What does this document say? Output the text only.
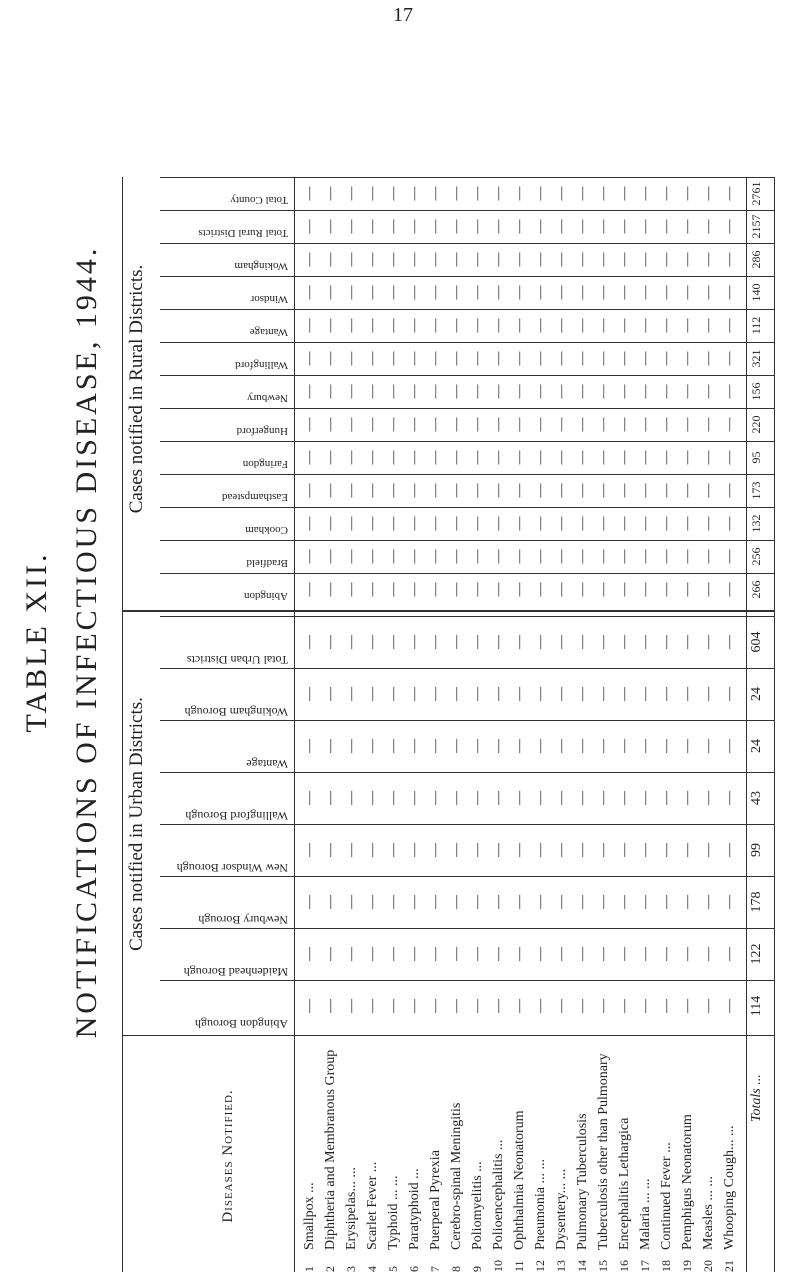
17
TABLE XII. NOTIFICATIONS OF INFECTIOUS DISEASE, 1944.
Diseases Notified.
Cases notified in Urban Districts.
Cases notified in Rural Districts.
Abingdon Borough
Maidenhead Borough
Newbury Borough
New Windsor Borough
Wallingford Borough
Wantage
Wokingham Borough
Total Urban Districts
Abingdon
Bradfield
Cookham
Easthampstead
Faringdon
Hungerford
Newbury
Wallingford
Wantage
Windsor
Wokingham
Total Rural Districts
Total County
1
Smallpox ...
—
—
—
—
—
—
—
—
—
—
—
—
—
—
—
—
—
—
—
—
—
2
Diphtheria and Membranous Group
—
—
—
—
—
—
—
—
—
—
—
—
—
—
—
—
—
—
—
—
—
3
Erysipelas... ...
—
—
—
—
—
—
—
—
—
—
—
—
—
—
—
—
—
—
—
—
—
4
Scarlet Fever ...
—
—
—
—
—
—
—
—
—
—
—
—
—
—
—
—
—
—
—
—
—
5
Typhoid ... ...
—
—
—
—
—
—
—
—
—
—
—
—
—
—
—
—
—
—
—
—
—
6
Paratyphoid ...
—
—
—
—
—
—
—
—
—
—
—
—
—
—
—
—
—
—
—
—
—
7
Puerperal Pyrexia
—
—
—
—
—
—
—
—
—
—
—
—
—
—
—
—
—
—
—
—
—
8
Cerebro-spinal Meningitis
—
—
—
—
—
—
—
—
—
—
—
—
—
—
—
—
—
—
—
—
—
9
Poliomyelitis ...
—
—
—
—
—
—
—
—
—
—
—
—
—
—
—
—
—
—
—
—
—
10
Polioencephalitis ...
—
—
—
—
—
—
—
—
—
—
—
—
—
—
—
—
—
—
—
—
—
11
Ophthalmia Neonatorum
—
—
—
—
—
—
—
—
—
—
—
—
—
—
—
—
—
—
—
—
—
12
Pneumonia ... ...
—
—
—
—
—
—
—
—
—
—
—
—
—
—
—
—
—
—
—
—
—
13
Dysentery... ...
—
—
—
—
—
—
—
—
—
—
—
—
—
—
—
—
—
—
—
—
—
14
Pulmonary Tuberculosis
—
—
—
—
—
—
—
—
—
—
—
—
—
—
—
—
—
—
—
—
—
15
Tuberculosis other than Pulmonary
—
—
—
—
—
—
—
—
—
—
—
—
—
—
—
—
—
—
—
—
—
16
Encephalitis Lethargica
—
—
—
—
—
—
—
—
—
—
—
—
—
—
—
—
—
—
—
—
—
17
Malaria ... ...
—
—
—
—
—
—
—
—
—
—
—
—
—
—
—
—
—
—
—
—
—
18
Continued Fever ...
—
—
—
—
—
—
—
—
—
—
—
—
—
—
—
—
—
—
—
—
—
19
Pemphigus Neonatorum
—
—
—
—
—
—
—
—
—
—
—
—
—
—
—
—
—
—
—
—
—
20
Measles ... ...
—
—
—
—
—
—
—
—
—
—
—
—
—
—
—
—
—
—
—
—
—
21
Whooping Cough... ...
—
—
—
—
—
—
—
—
—
—
—
—
—
—
—
—
—
—
—
—
—
Totals ...
114
122
178
99
43
24
24
604
266
256
132
173
95
220
156
321
112
140
286
2157
2761
